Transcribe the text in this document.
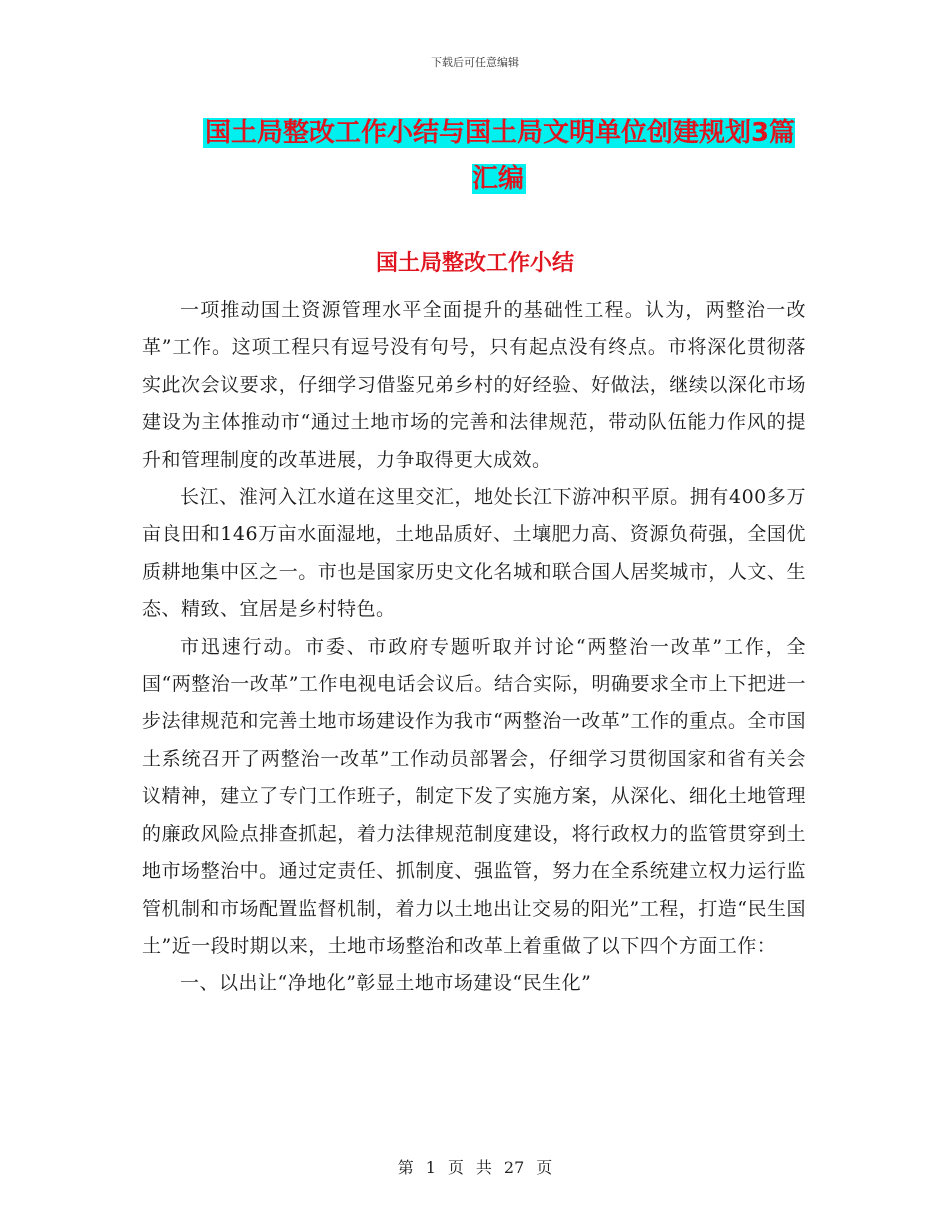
下载后可任意编辑
国土局整改工作小结与国土局文明单位创建规划3篇汇编
国土局整改工作小结

一项推动国土资源管理水平全面提升的基础性工程。认为，两整治一改革”工作。这项工程只有逗号没有句号，只有起点没有终点。市将深化贯彻落实此次会议要求，仔细学习借鉴兄弟乡村的好经验、好做法，继续以深化市场建设为主体推动市“通过土地市场的完善和法律规范，带动队伍能力作风的提升和管理制度的改革进展，力争取得更大成效。

长江、淮河入江水道在这里交汇，地处长江下游冲积平原。拥有400多万亩良田和146万亩水面湿地，土地品质好、土壤肥力高、资源负荷强，全国优质耕地集中区之一。市也是国家历史文化名城和联合国人居奖城市，人文、生态、精致、宜居是乡村特色。

市迅速行动。市委、市政府专题听取并讨论“两整治一改革”工作，全国“两整治一改革”工作电视电话会议后。结合实际，明确要求全市上下把进一步法律规范和完善土地市场建设作为我市“两整治一改革”工作的重点。全市国土系统召开了两整治一改革”工作动员部署会，仔细学习贯彻国家和省有关会议精神，建立了专门工作班子，制定下发了实施方案，从深化、细化土地管理的廉政风险点排查抓起，着力法律规范制度建设，将行政权力的监管贯穿到土地市场整治中。通过定责任、抓制度、强监管，努力在全系统建立权力运行监管机制和市场配置监督机制，着力以土地出让交易的阳光”工程，打造“民生国土”近一段时期以来，土地市场整治和改革上着重做了以下四个方面工作：

一、以出让“净地化”彰显土地市场建设“民生化”

第 1 页 共 27 页
